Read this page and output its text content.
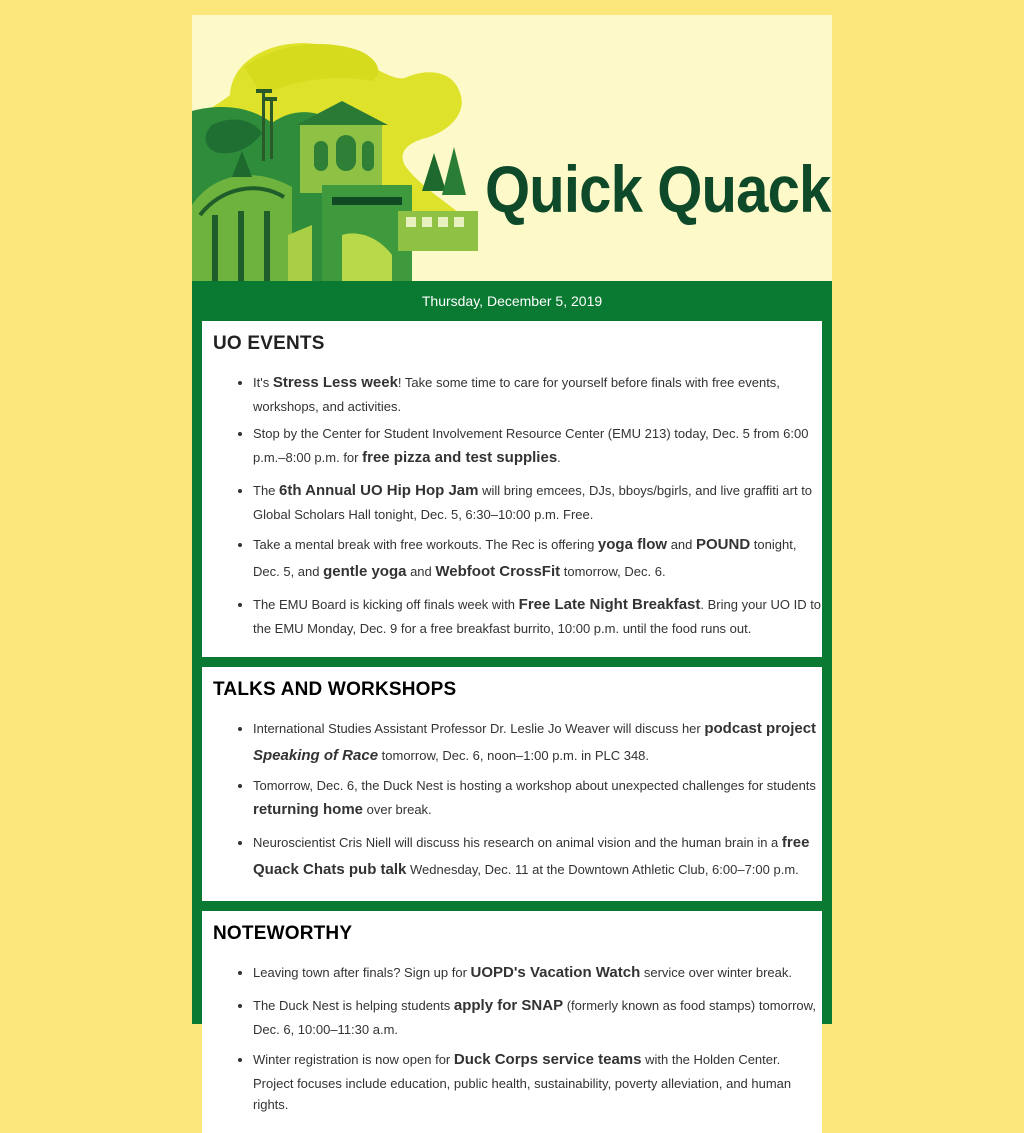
Quick Quack
Thursday, December 5, 2019
UO EVENTS
• It's Stress Less week! Take some time to care for yourself before finals with free events, workshops, and activities.
• Stop by the Center for Student Involvement Resource Center (EMU 213) today, Dec. 5 from 6:00 p.m.–8:00 p.m. for free pizza and test supplies.
• The 6th Annual UO Hip Hop Jam will bring emcees, DJs, bboys/bgirls, and live graffiti art to Global Scholars Hall tonight, Dec. 5, 6:30–10:00 p.m. Free.
• Take a mental break with free workouts. The Rec is offering yoga flow and POUND tonight, Dec. 5, and gentle yoga and Webfoot CrossFit tomorrow, Dec. 6.
• The EMU Board is kicking off finals week with Free Late Night Breakfast. Bring your UO ID to the EMU Monday, Dec. 9 for a free breakfast burrito, 10:00 p.m. until the food runs out.
TALKS AND WORKSHOPS
• International Studies Assistant Professor Dr. Leslie Jo Weaver will discuss her podcast project Speaking of Race tomorrow, Dec. 6, noon–1:00 p.m. in PLC 348.
• Tomorrow, Dec. 6, the Duck Nest is hosting a workshop about unexpected challenges for students returning home over break.
• Neuroscientist Cris Niell will discuss his research on animal vision and the human brain in a free Quack Chats pub talk Wednesday, Dec. 11 at the Downtown Athletic Club, 6:00–7:00 p.m.
NOTEWORTHY
• Leaving town after finals? Sign up for UOPD's Vacation Watch service over winter break.
• The Duck Nest is helping students apply for SNAP (formerly known as food stamps) tomorrow, Dec. 6, 10:00–11:30 a.m.
• Winter registration is now open for Duck Corps service teams with the Holden Center. Project focuses include education, public health, sustainability, poverty alleviation, and human rights.
